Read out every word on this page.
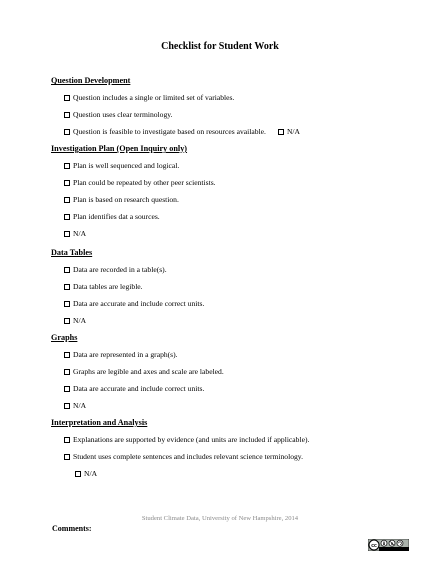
Checklist for Student Work
Question Development
Question includes a single or limited set of variables.
Question uses clear terminology.
Question is feasible to investigate based on resources available.	N/A
Investigation Plan (Open Inquiry only)
Plan is well sequenced and logical.
Plan could be repeated by other peer scientists.
Plan is based on research question.
Plan identifies dat a sources.
N/A
Data Tables
Data are recorded in a table(s).
Data tables are legible.
Data are accurate and include correct units.
N/A
Graphs
Data are represented in a graph(s).
Graphs are legible and axes and scale are labeled.
Data are accurate and include correct units.
N/A
Interpretation and Analysis
Explanations are supported by evidence (and units are included if applicable).
Student uses complete sentences and includes relevant science terminology.
N/A
Student Climate Data, University of New Hampshire, 2014
Comments:
cc
